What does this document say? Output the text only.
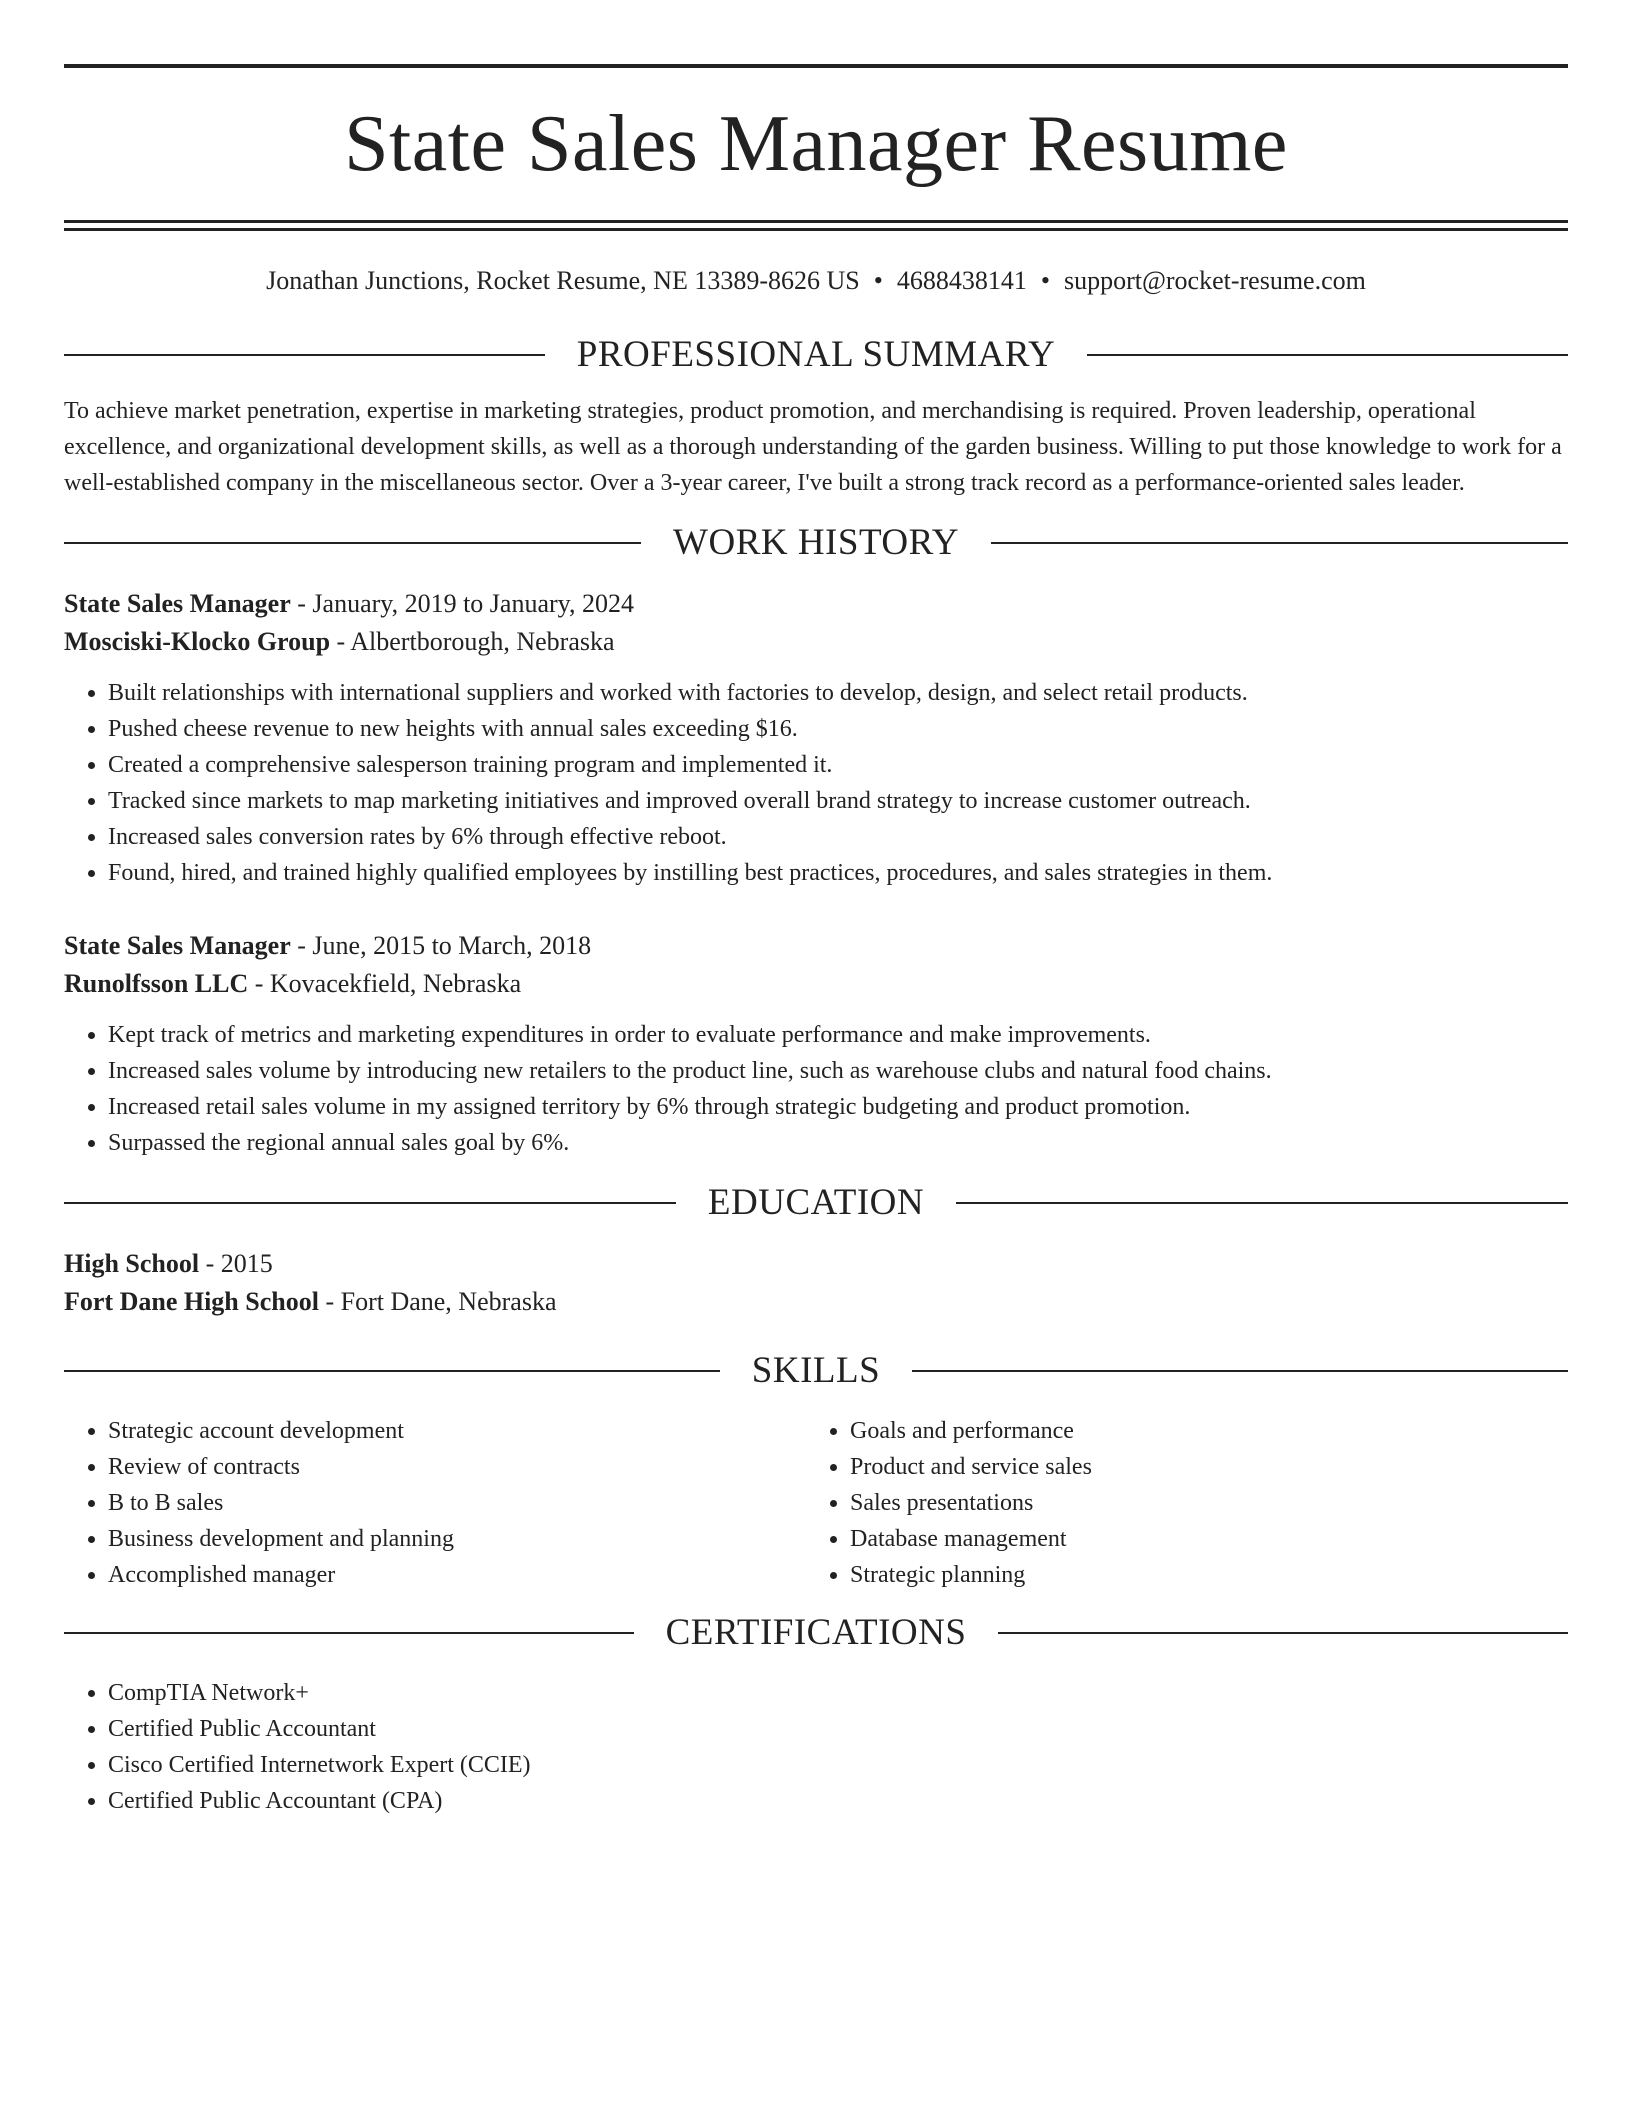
State Sales Manager Resume
Jonathan Junctions, Rocket Resume, NE 13389-8626 US • 4688438141 • support@rocket-resume.com
PROFESSIONAL SUMMARY

To achieve market penetration, expertise in marketing strategies, product promotion, and merchandising is required. Proven leadership, operational excellence, and organizational development skills, as well as a thorough understanding of the garden business. Willing to put those knowledge to work for a well-established company in the miscellaneous sector. Over a 3-year career, I've built a strong track record as a performance-oriented sales leader.

WORK HISTORY
State Sales Manager - January, 2019 to January, 2024
Mosciski-Klocko Group - Albertborough, Nebraska
• Built relationships with international suppliers and worked with factories to develop, design, and select retail products.
• Pushed cheese revenue to new heights with annual sales exceeding $16.
• Created a comprehensive salesperson training program and implemented it.
• Tracked since markets to map marketing initiatives and improved overall brand strategy to increase customer outreach.
• Increased sales conversion rates by 6% through effective reboot.
• Found, hired, and trained highly qualified employees by instilling best practices, procedures, and sales strategies in them.
State Sales Manager - June, 2015 to March, 2018
Runolfsson LLC - Kovacekfield, Nebraska
• Kept track of metrics and marketing expenditures in order to evaluate performance and make improvements.
• Increased sales volume by introducing new retailers to the product line, such as warehouse clubs and natural food chains.
• Increased retail sales volume in my assigned territory by 6% through strategic budgeting and product promotion.
• Surpassed the regional annual sales goal by 6%.
EDUCATION
High School - 2015
Fort Dane High School - Fort Dane, Nebraska
SKILLS
• Strategic account development
• Review of contracts
• B to B sales
• Business development and planning
• Accomplished manager
• Goals and performance
• Product and service sales
• Sales presentations
• Database management
• Strategic planning
CERTIFICATIONS
• CompTIA Network+
• Certified Public Accountant
• Cisco Certified Internetwork Expert (CCIE)
• Certified Public Accountant (CPA)
